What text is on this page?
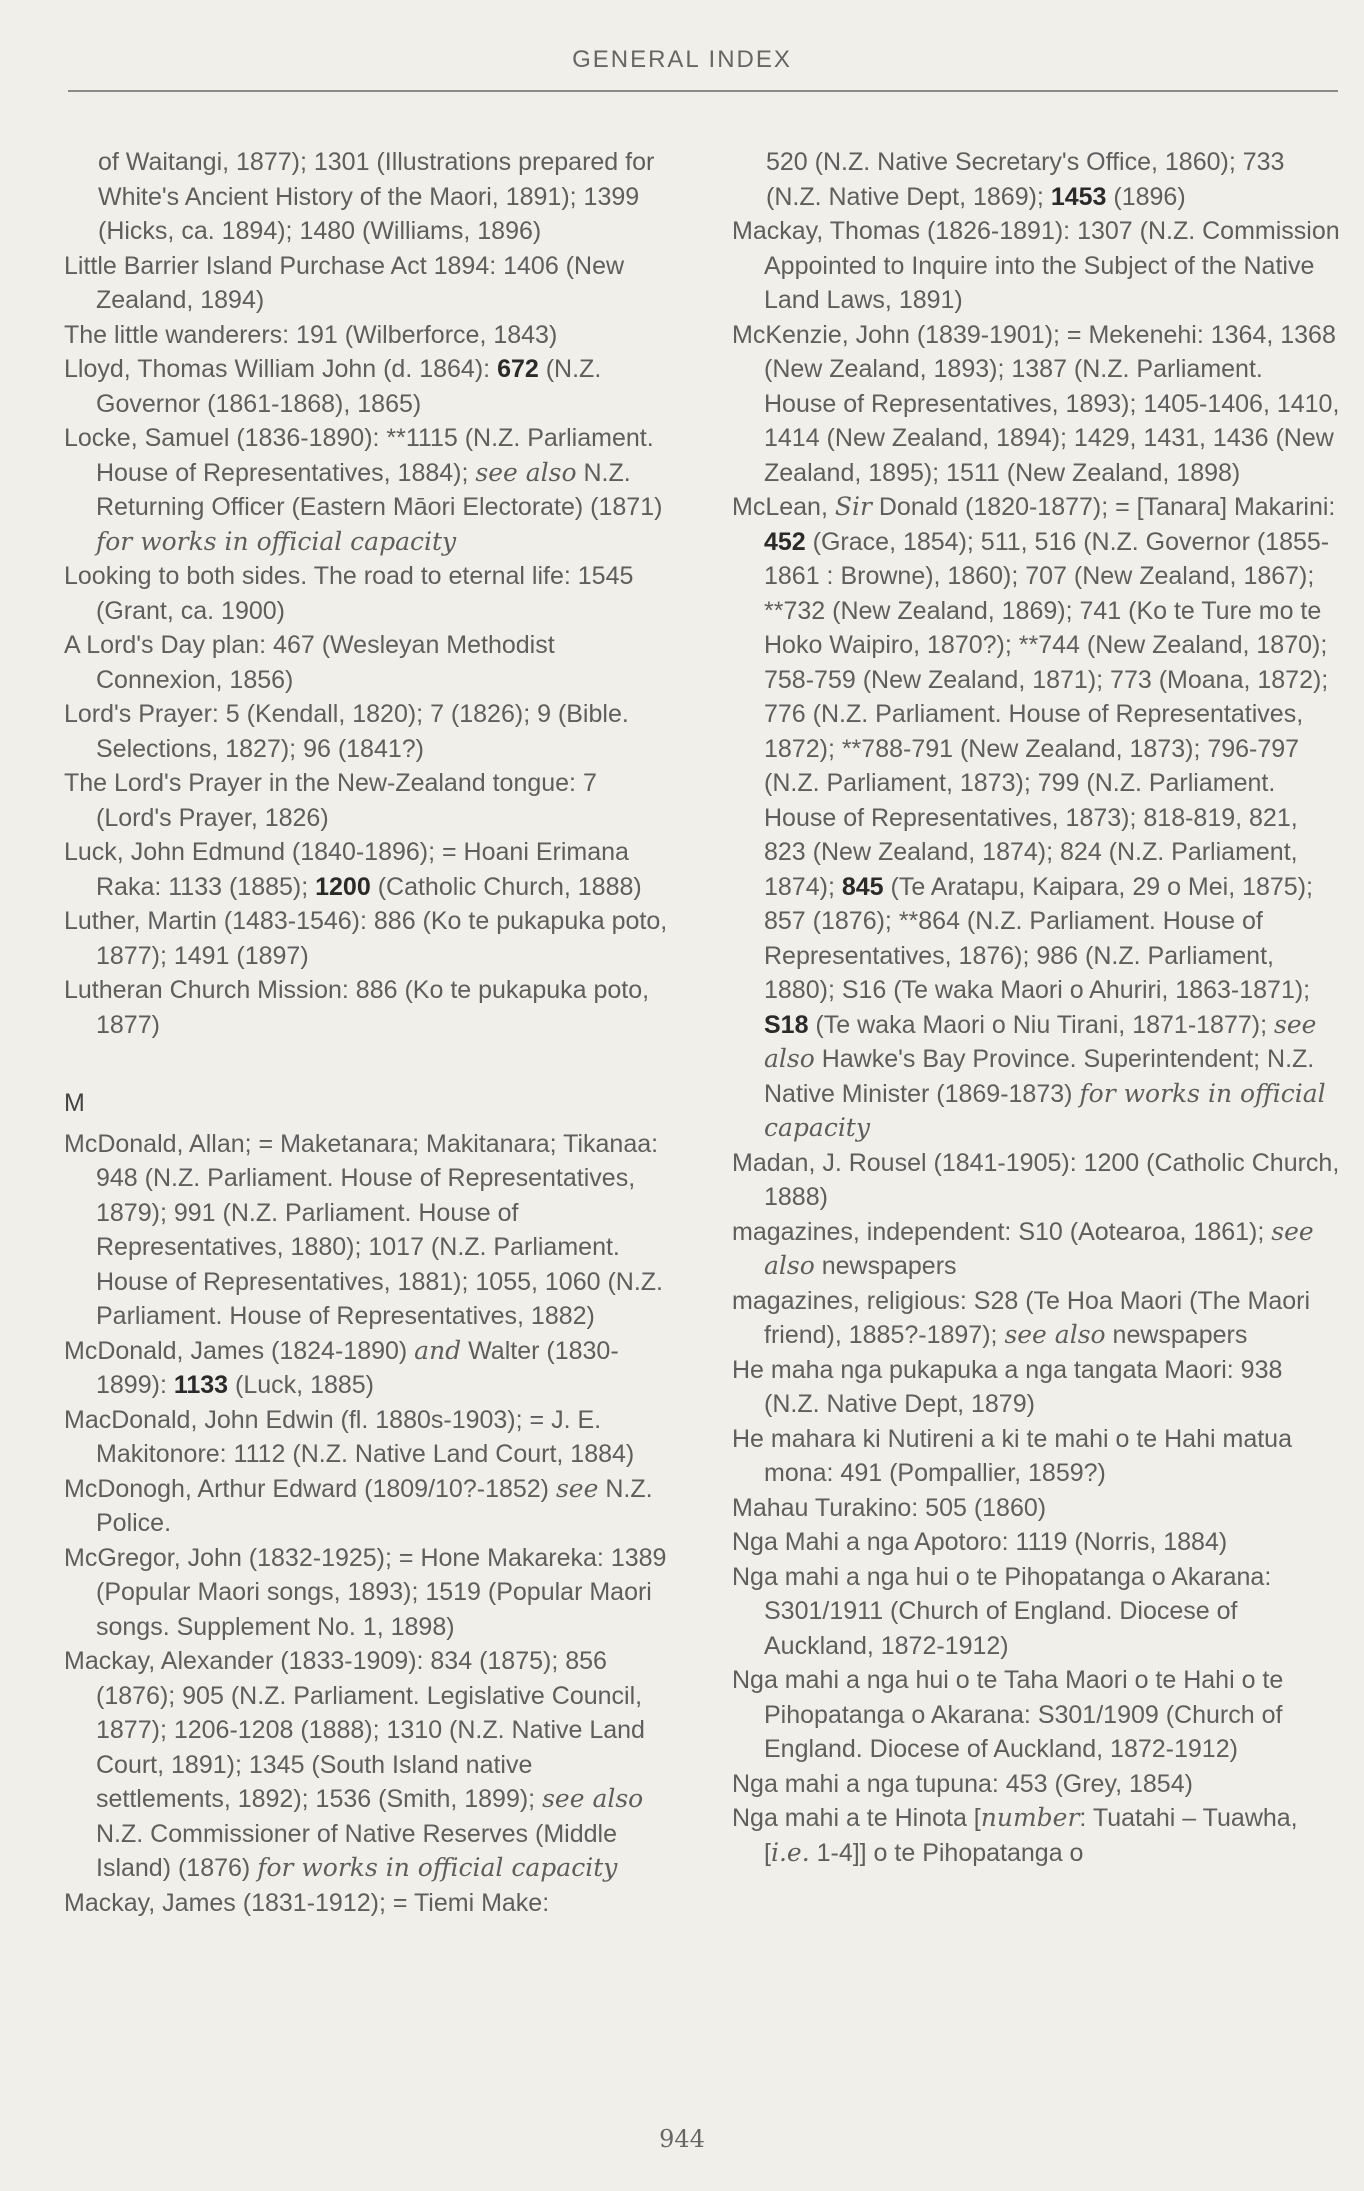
GENERAL INDEX
of Waitangi, 1877); 1301 (Illustrations prepared for White's Ancient History of the Maori, 1891); 1399 (Hicks, ca. 1894); 1480 (Williams, 1896)
Little Barrier Island Purchase Act 1894: 1406 (New Zealand, 1894)
The little wanderers: 191 (Wilberforce, 1843)
Lloyd, Thomas William John (d. 1864): 672 (N.Z. Governor (1861-1868), 1865)
Locke, Samuel (1836-1890): **1115 (N.Z. Parliament. House of Representatives, 1884); see also N.Z. Returning Officer (Eastern Māori Electorate) (1871) for works in official capacity
Looking to both sides. The road to eternal life: 1545 (Grant, ca. 1900)
A Lord's Day plan: 467 (Wesleyan Methodist Connexion, 1856)
Lord's Prayer: 5 (Kendall, 1820); 7 (1826); 9 (Bible. Selections, 1827); 96 (1841?)
The Lord's Prayer in the New-Zealand tongue: 7 (Lord's Prayer, 1826)
Luck, John Edmund (1840-1896); = Hoani Erimana Raka: 1133 (1885); 1200 (Catholic Church, 1888)
Luther, Martin (1483-1546): 886 (Ko te pukapuka poto, 1877); 1491 (1897)
Lutheran Church Mission: 886 (Ko te pukapuka poto, 1877)
M
McDonald, Allan; = Maketanara; Makitanara; Tikanaa: 948 (N.Z. Parliament. House of Representatives, 1879); 991 (N.Z. Parliament. House of Representatives, 1880); 1017 (N.Z. Parliament. House of Representatives, 1881); 1055, 1060 (N.Z. Parliament. House of Representatives, 1882)
McDonald, James (1824-1890) and Walter (1830-1899): 1133 (Luck, 1885)
MacDonald, John Edwin (fl. 1880s-1903); = J. E. Makitonore: 1112 (N.Z. Native Land Court, 1884)
McDonogh, Arthur Edward (1809/10?-1852) see N.Z. Police.
McGregor, John (1832-1925); = Hone Makareka: 1389 (Popular Maori songs, 1893); 1519 (Popular Maori songs. Supplement No. 1, 1898)
Mackay, Alexander (1833-1909): 834 (1875); 856 (1876); 905 (N.Z. Parliament. Legislative Council, 1877); 1206-1208 (1888); 1310 (N.Z. Native Land Court, 1891); 1345 (South Island native settlements, 1892); 1536 (Smith, 1899); see also N.Z. Commissioner of Native Reserves (Middle Island) (1876) for works in official capacity
Mackay, James (1831-1912); = Tiemi Make:
520 (N.Z. Native Secretary's Office, 1860); 733 (N.Z. Native Dept, 1869); 1453 (1896)
Mackay, Thomas (1826-1891): 1307 (N.Z. Commission Appointed to Inquire into the Subject of the Native Land Laws, 1891)
McKenzie, John (1839-1901); = Mekenehi: 1364, 1368 (New Zealand, 1893); 1387 (N.Z. Parliament. House of Representatives, 1893); 1405-1406, 1410, 1414 (New Zealand, 1894); 1429, 1431, 1436 (New Zealand, 1895); 1511 (New Zealand, 1898)
McLean, Sir Donald (1820-1877); = [Tanara] Makarini: 452 (Grace, 1854); 511, 516 (N.Z. Governor (1855-1861 : Browne), 1860); 707 (New Zealand, 1867); **732 (New Zealand, 1869); 741 (Ko te Ture mo te Hoko Waipiro, 1870?); **744 (New Zealand, 1870); 758-759 (New Zealand, 1871); 773 (Moana, 1872); 776 (N.Z. Parliament. House of Representatives, 1872); **788-791 (New Zealand, 1873); 796-797 (N.Z. Parliament, 1873); 799 (N.Z. Parliament. House of Representatives, 1873); 818-819, 821, 823 (New Zealand, 1874); 824 (N.Z. Parliament, 1874); 845 (Te Aratapu, Kaipara, 29 o Mei, 1875); 857 (1876); **864 (N.Z. Parliament. House of Representatives, 1876); 986 (N.Z. Parliament, 1880); S16 (Te waka Maori o Ahuriri, 1863-1871); S18 (Te waka Maori o Niu Tirani, 1871-1877); see also Hawke's Bay Province. Superintendent; N.Z. Native Minister (1869-1873) for works in official capacity
Madan, J. Rousel (1841-1905): 1200 (Catholic Church, 1888)
magazines, independent: S10 (Aotearoa, 1861); see also newspapers
magazines, religious: S28 (Te Hoa Maori (The Maori friend), 1885?-1897); see also newspapers
He maha nga pukapuka a nga tangata Maori: 938 (N.Z. Native Dept, 1879)
He mahara ki Nutireni a ki te mahi o te Hahi matua mona: 491 (Pompallier, 1859?)
Mahau Turakino: 505 (1860)
Nga Mahi a nga Apotoro: 1119 (Norris, 1884)
Nga mahi a nga hui o te Pihopatanga o Akarana: S301/1911 (Church of England. Diocese of Auckland, 1872-1912)
Nga mahi a nga hui o te Taha Maori o te Hahi o te Pihopatanga o Akarana: S301/1909 (Church of England. Diocese of Auckland, 1872-1912)
Nga mahi a nga tupuna: 453 (Grey, 1854)
Nga mahi a te Hinota [number: Tuatahi – Tuawha, [i.e. 1-4]] o te Pihopatanga o
944
